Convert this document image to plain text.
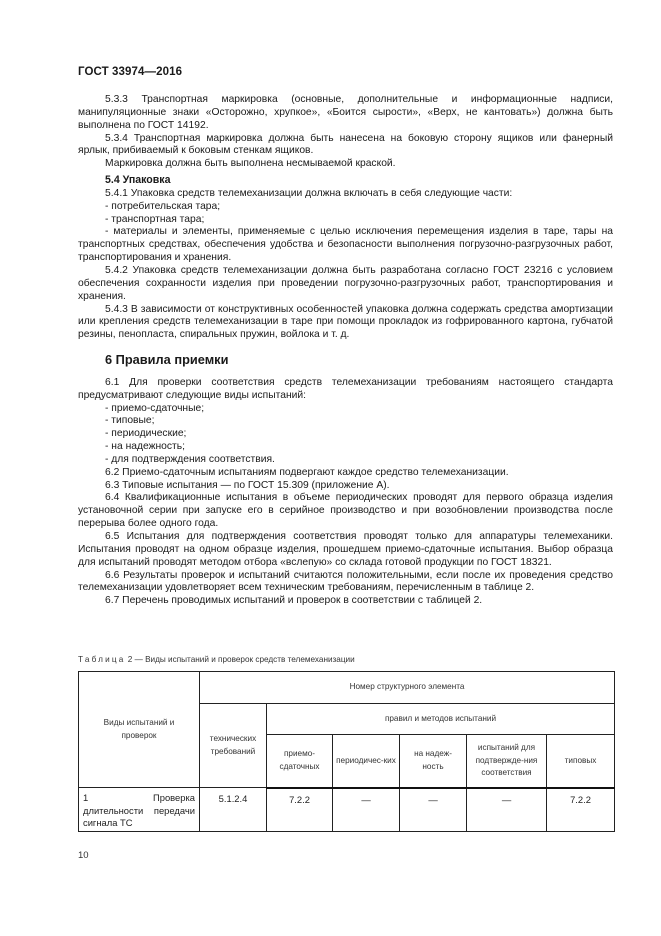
ГОСТ 33974—2016

5.3.3 Транспортная маркировка (основные, дополнительные и информационные надписи, манипуляционные знаки «Осторожно, хрупкое», «Боится сырости», «Верх, не кантовать») должна быть выполнена по ГОСТ 14192.

5.3.4 Транспортная маркировка должна быть нанесена на боковую сторону ящиков или фанерный ярлык, прибиваемый к боковым стенкам ящиков.

Маркировка должна быть выполнена несмываемой краской.

5.4 Упаковка

5.4.1 Упаковка средств телемеханизации должна включать в себя следующие части:

- потребительская тара;

- транспортная тара;

- материалы и элементы, применяемые с целью исключения перемещения изделия в таре, тары на транспортных средствах, обеспечения удобства и безопасности выполнения погрузочно-разгрузочных работ, транспортирования и хранения.

5.4.2 Упаковка средств телемеханизации должна быть разработана согласно ГОСТ 23216 с условием обеспечения сохранности изделия при проведении погрузочно-разгрузочных работ, транспортирования и хранения.

5.4.3 В зависимости от конструктивных особенностей упаковка должна содержать средства амортизации или крепления средств телемеханизации в таре при помощи прокладок из гофрированного картона, губчатой резины, пенопласта, спиральных пружин, войлока и т. д.

6 Правила приемки

6.1 Для проверки соответствия средств телемеханизации требованиям настоящего стандарта предусматривают следующие виды испытаний:

- приемо-сдаточные;

- типовые;

- периодические;

- на надежность;

- для подтверждения соответствия.

6.2 Приемо-сдаточным испытаниям подвергают каждое средство телемеханизации.

6.3 Типовые испытания — по ГОСТ 15.309 (приложение А).

6.4 Квалификационные испытания в объеме периодических проводят для первого образца изделия установочной серии при запуске его в серийное производство и при возобновлении производства после перерыва более одного года.

6.5 Испытания для подтверждения соответствия проводят только для аппаратуры телемеханики. Испытания проводят на одном образце изделия, прошедшем приемо-сдаточные испытания. Выбор образца для испытаний проводят методом отбора «вслепую» со склада готовой продукции по ГОСТ 18321.

6.6 Результаты проверок и испытаний считаются положительными, если после их проведения средство телемеханизации удовлетворяет всем техническим требованиям, перечисленным в таблице 2.

6.7 Перечень проводимых испытаний и проверок в соответствии с таблицей 2.

Таблица 2 — Виды испытаний и проверок средств телемеханизации
Виды испытаний и проверок	Номер структурного элемента					
	технических требований	правил и методов испытаний				
		приемо-сдаточных	периодичес-ких	на надеж-ность	испытаний для подтвержде-ния соответствия	типовых
1 Проверка длительности передачи сигнала ТС	5.1.2.4	7.2.2	—	—	—	7.2.2
10
